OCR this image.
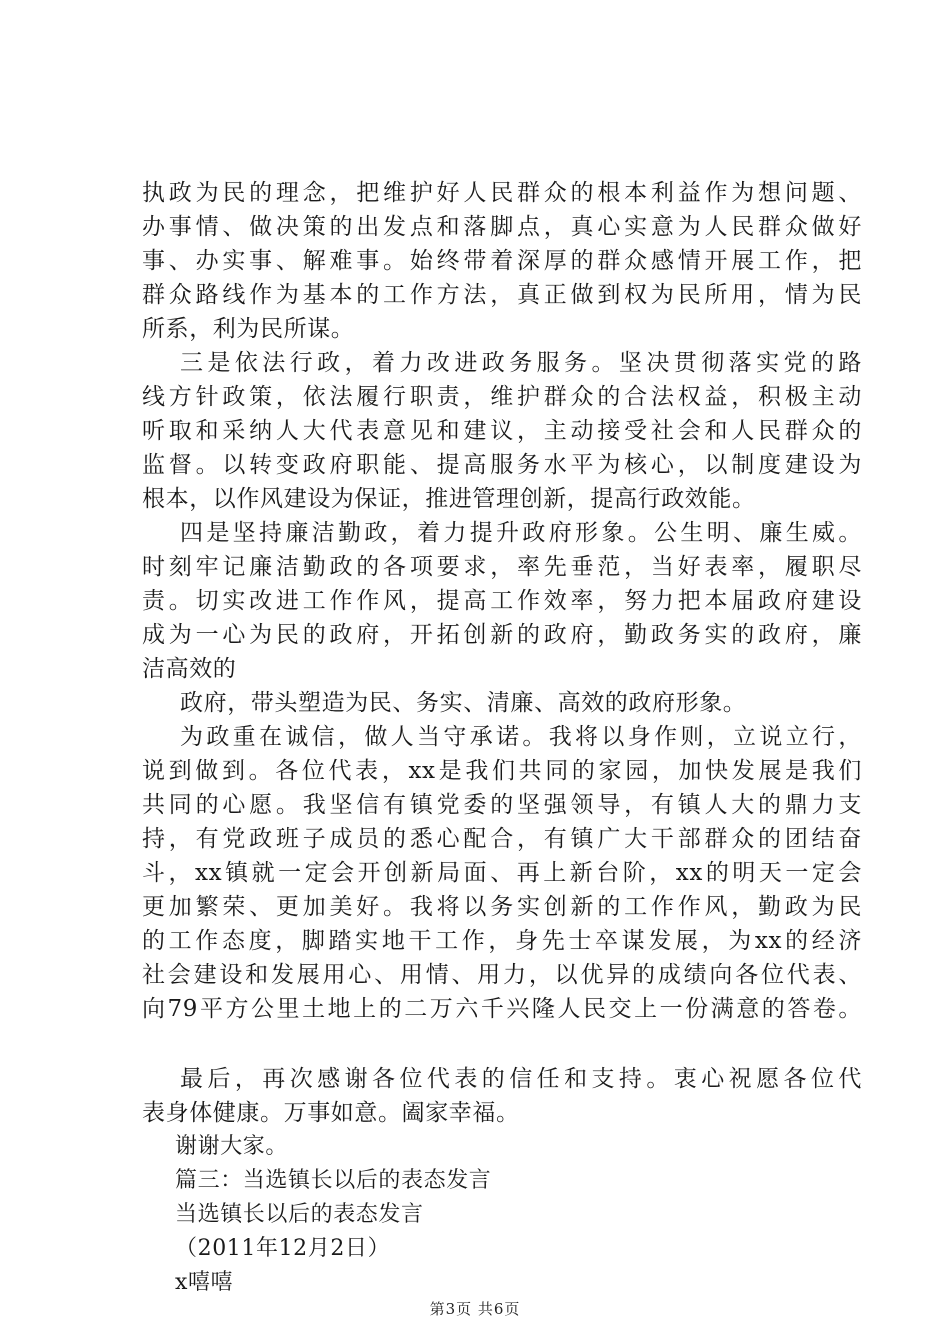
执政为民的理念，把维护好人民群众的根本利益作为想问题、
办事情、做决策的出发点和落脚点，真心实意为人民群众做好
事、办实事、解难事。始终带着深厚的群众感情开展工作，把
群众路线作为基本的工作方法，真正做到权为民所用，情为民
所系，利为民所谋。
三是依法行政，着力改进政务服务。坚决贯彻落实党的路
线方针政策，依法履行职责，维护群众的合法权益，积极主动
听取和采纳人大代表意见和建议，主动接受社会和人民群众的
监督。以转变政府职能、提高服务水平为核心，以制度建设为
根本，以作风建设为保证，推进管理创新，提高行政效能。
四是坚持廉洁勤政，着力提升政府形象。公生明、廉生威。
时刻牢记廉洁勤政的各项要求，率先垂范，当好表率，履职尽
责。切实改进工作作风，提高工作效率，努力把本届政府建设
成为一心为民的政府，开拓创新的政府，勤政务实的政府，廉
洁高效的
政府，带头塑造为民、务实、清廉、高效的政府形象。
为政重在诚信，做人当守承诺。我将以身作则，立说立行，
说到做到。各位代表，xx是我们共同的家园，加快发展是我们
共同的心愿。我坚信有镇党委的坚强领导，有镇人大的鼎力支
持，有党政班子成员的悉心配合，有镇广大干部群众的团结奋
斗，xx镇就一定会开创新局面、再上新台阶，xx的明天一定会
更加繁荣、更加美好。我将以务实创新的工作作风，勤政为民
的工作态度，脚踏实地干工作，身先士卒谋发展，为xx的经济
社会建设和发展用心、用情、用力，以优异的成绩向各位代表、
向79平方公里土地上的二万六千兴隆人民交上一份满意的答卷。
最后，再次感谢各位代表的信任和支持。衷心祝愿各位代
表身体健康。万事如意。阖家幸福。
谢谢大家。
篇三：当选镇长以后的表态发言
当选镇长以后的表态发言
（2011年12月2日）
x嘻嘻
第3页 共6页
